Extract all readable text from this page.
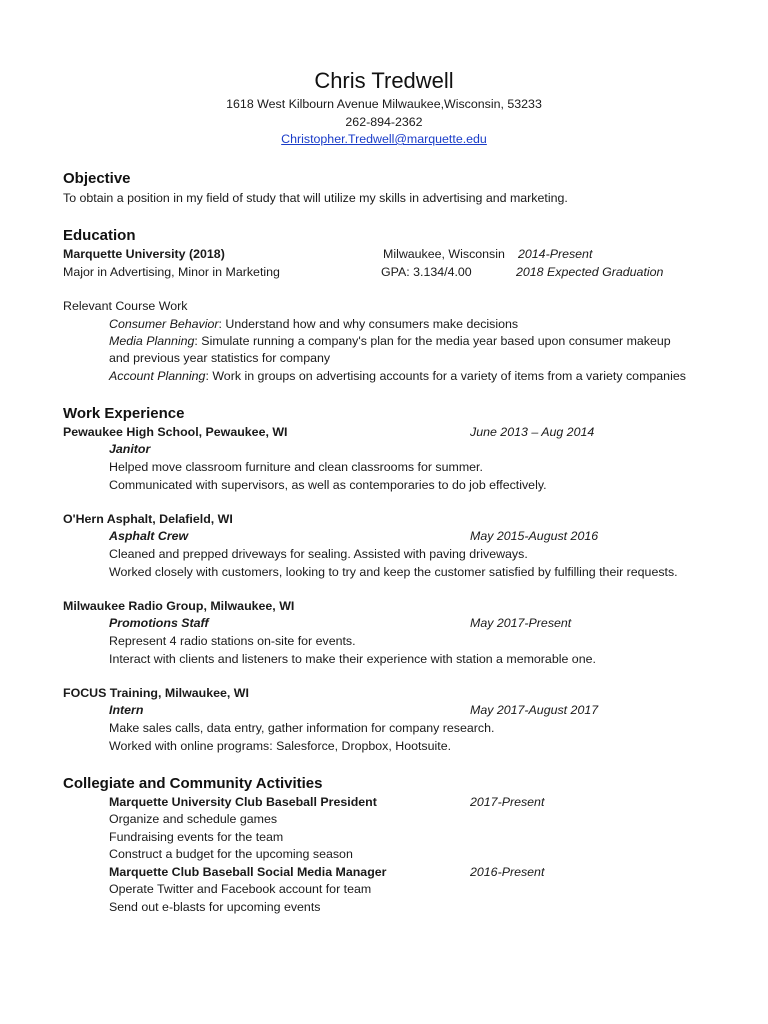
Chris Tredwell
1618 West Kilbourn Avenue Milwaukee,Wisconsin, 53233
262-894-2362
Christopher.Tredwell@marquette.edu
Objective
To obtain a position in my field of study that will utilize my skills in advertising and marketing.
Education
Marquette University (2018)	Milwaukee, Wisconsin 2014-Present
Major in Advertising, Minor in Marketing	GPA: 3.134/4.00	2018 Expected Graduation
Relevant Course Work
Consumer Behavior: Understand how and why consumers make decisions
Media Planning: Simulate running a company's plan for the media year based upon consumer makeup
and previous year statistics for company
Account Planning: Work in groups on advertising accounts for a variety of items from a variety companies
Work Experience
Pewaukee High School, Pewaukee, WI	June 2013 – Aug 2014
Janitor
Helped move classroom furniture and clean classrooms for summer.
Communicated with supervisors, as well as contemporaries to do job effectively.
O'Hern Asphalt, Delafield, WI
Asphalt Crew	May 2015-August 2016
Cleaned and prepped driveways for sealing. Assisted with paving driveways.
Worked closely with customers, looking to try and keep the customer satisfied by fulfilling their requests.
Milwaukee Radio Group, Milwaukee, WI
Promotions Staff	May 2017-Present
Represent 4 radio stations on-site for events.
Interact with clients and listeners to make their experience with station a memorable one.
FOCUS Training, Milwaukee, WI
Intern	May 2017-August 2017
Make sales calls, data entry, gather information for company research.
Worked with online programs: Salesforce, Dropbox, Hootsuite.
Collegiate and Community Activities
Marquette University Club Baseball President	2017-Present
Organize and schedule games
Fundraising events for the team
Construct a budget for the upcoming season
Marquette Club Baseball Social Media Manager	2016-Present
Operate Twitter and Facebook account for team
Send out e-blasts for upcoming events
